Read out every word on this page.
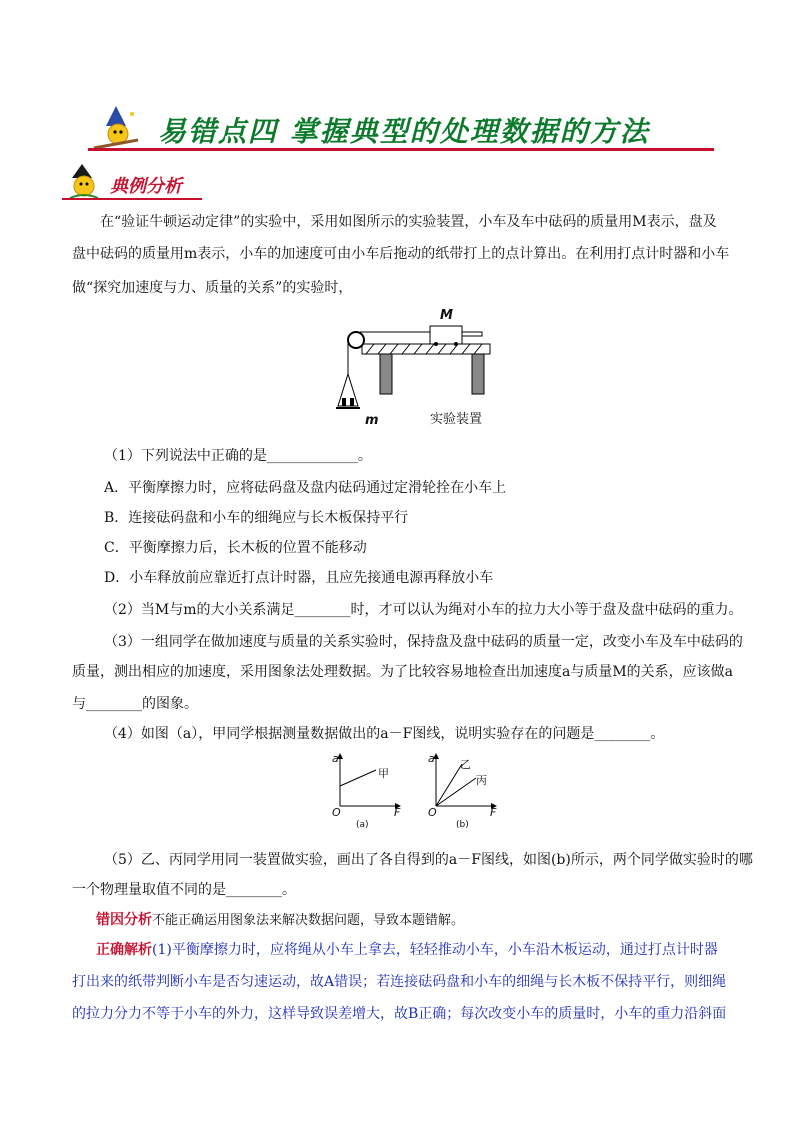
易错点四 掌握典型的处理数据的方法
典例分析
在“验证牛顿运动定律”的实验中，采用如图所示的实验装置，小车及车中砝码的质量用M表示，盘及
盘中砝码的质量用m表示，小车的加速度可由小车后拖动的纸带打上的点计算出。在利用打点计时器和小车
做“探究加速度与力、质量的关系”的实验时，
M
m	实验装置
（1）下列说法中正确的是_____________。
A．平衡摩擦力时，应将砝码盘及盘内砝码通过定滑轮拴在小车上
B．连接砝码盘和小车的细绳应与长木板保持平行
C．平衡摩擦力后，长木板的位置不能移动
D．小车释放前应靠近打点计时器，且应先接通电源再释放小车
（2）当M与m的大小关系满足________时，才可以认为绳对小车的拉力大小等于盘及盘中砝码的重力。
（3）一组同学在做加速度与质量的关系实验时，保持盘及盘中砝码的质量一定，改变小车及车中砝码的
质量，测出相应的加速度，采用图象法处理数据。为了比较容易地检查出加速度a与质量M的关系，应该做a
与________的图象。
（4）如图（a），甲同学根据测量数据做出的a－F图线，说明实验存在的问题是________。
a
F
O
甲
(a)
a
F
O
乙
丙
(b)
（5）乙、丙同学用同一装置做实验，画出了各自得到的a－F图线，如图(b)所示，两个同学做实验时的哪
一个物理量取值不同的是________。
错因分析不能正确运用图象法来解决数据问题，导致本题错解。
正确解析(1)平衡摩擦力时，应将绳从小车上拿去，轻轻推动小车，小车沿木板运动，通过打点计时器
打出来的纸带判断小车是否匀速运动，故A错误；若连接砝码盘和小车的细绳与长木板不保持平行，则细绳
的拉力分力不等于小车的外力，这样导致误差增大，故B正确；每次改变小车的质量时，小车的重力沿斜面
